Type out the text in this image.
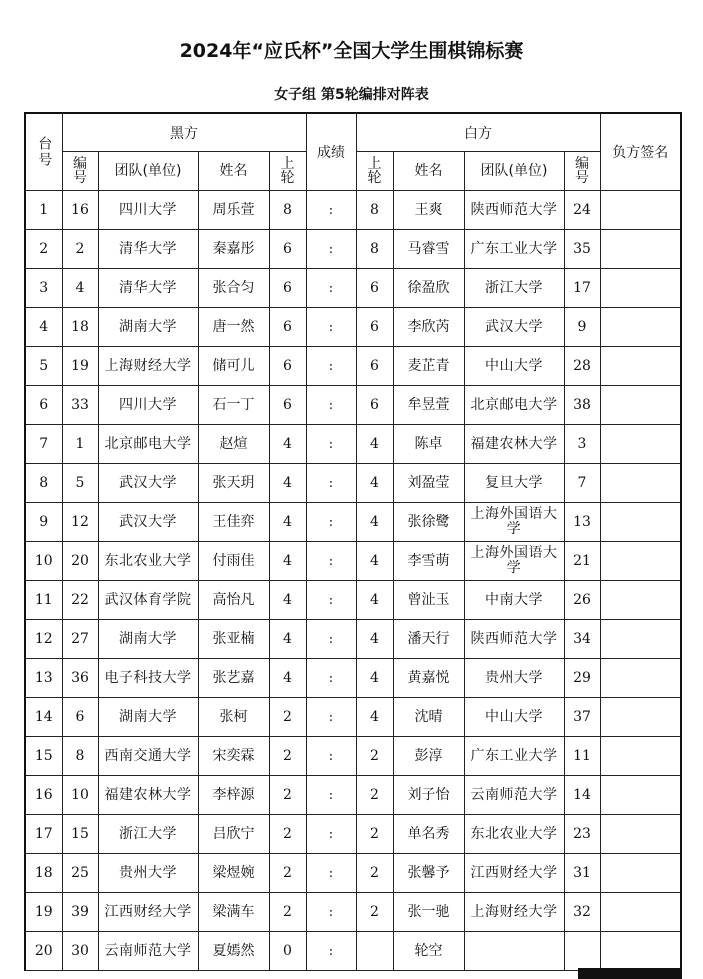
2024年“应氏杯”全国大学生围棋锦标赛
女子组 第5轮编排对阵表
台号	黑方				成绩	白方				负方签名
	编号	团队(单位)	姓名	上轮		上轮	姓名	团队(单位)	编号	
1	16	四川大学	周乐萱	8	:	8	王爽	陕西师范大学	24	
2	2	清华大学	秦嘉彤	6	:	8	马睿雪	广东工业大学	35	
3	4	清华大学	张合匀	6	:	6	徐盈欣	浙江大学	17	
4	18	湖南大学	唐一然	6	:	6	李欣芮	武汉大学	9	
5	19	上海财经大学	储可儿	6	:	6	麦芷青	中山大学	28	
6	33	四川大学	石一丁	6	:	6	牟昱萱	北京邮电大学	38	
7	1	北京邮电大学	赵煊	4	:	4	陈卓	福建农林大学	3	
8	5	武汉大学	张天玥	4	:	4	刘盈莹	复旦大学	7	
9	12	武汉大学	王佳弈	4	:	4	张徐鹭	上海外国语大学	13	
10	20	东北农业大学	付雨佳	4	:	4	李雪萌	上海外国语大学	21	
11	22	武汉体育学院	高怡凡	4	:	4	曾沚玉	中南大学	26	
12	27	湖南大学	张亚楠	4	:	4	潘天行	陕西师范大学	34	
13	36	电子科技大学	张艺嘉	4	:	4	黄嘉悦	贵州大学	29	
14	6	湖南大学	张柯	2	:	4	沈晴	中山大学	37	
15	8	西南交通大学	宋奕霖	2	:	2	彭淳	广东工业大学	11	
16	10	福建农林大学	李梓源	2	:	2	刘子怡	云南师范大学	14	
17	15	浙江大学	吕欣宁	2	:	2	单名秀	东北农业大学	23	
18	25	贵州大学	梁煜婉	2	:	2	张馨予	江西财经大学	31	
19	39	江西财经大学	梁满车	2	:	2	张一驰	上海财经大学	32	
20	30	云南师范大学	夏嫣然	0	:		轮空			
